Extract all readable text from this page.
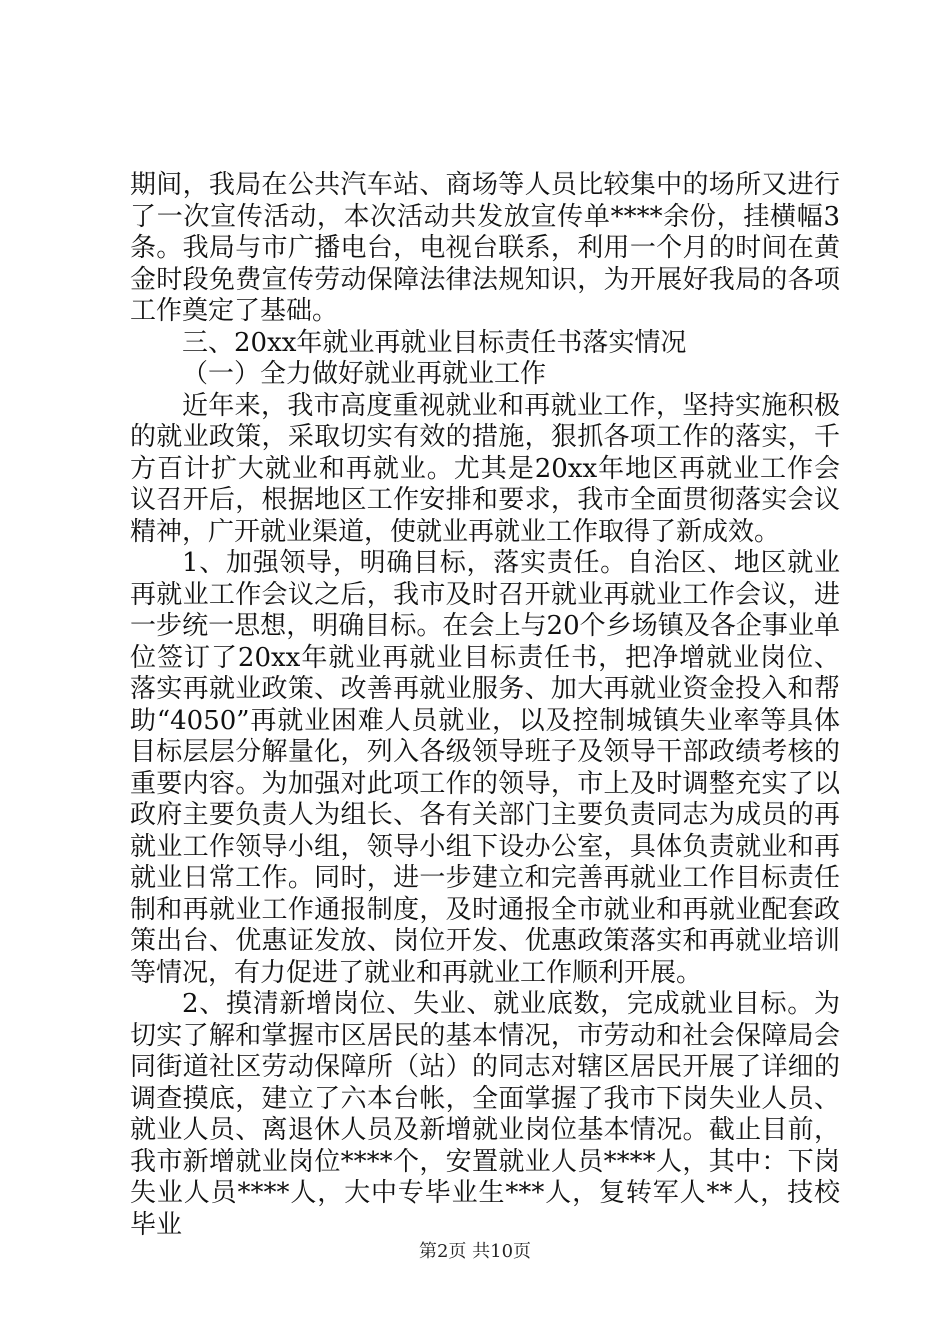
期间，我局在公共汽车站、商场等人员比较集中的场所又进行了一次宣传活动，本次活动共发放宣传单****余份，挂横幅3条。我局与市广播电台，电视台联系，利用一个月的时间在黄金时段免费宣传劳动保障法律法规知识，为开展好我局的各项工作奠定了基础。

三、20xx年就业再就业目标责任书落实情况

（一）全力做好就业再就业工作

近年来，我市高度重视就业和再就业工作，坚持实施积极的就业政策，采取切实有效的措施，狠抓各项工作的落实，千方百计扩大就业和再就业。尤其是20xx年地区再就业工作会议召开后，根据地区工作安排和要求，我市全面贯彻落实会议精神，广开就业渠道，使就业再就业工作取得了新成效。

1、加强领导，明确目标，落实责任。自治区、地区就业再就业工作会议之后，我市及时召开就业再就业工作会议，进一步统一思想，明确目标。在会上与20个乡场镇及各企事业单位签订了20xx年就业再就业目标责任书，把净增就业岗位、落实再就业政策、改善再就业服务、加大再就业资金投入和帮助“4050”再就业困难人员就业，以及控制城镇失业率等具体目标层层分解量化，列入各级领导班子及领导干部政绩考核的重要内容。为加强对此项工作的领导，市上及时调整充实了以政府主要负责人为组长、各有关部门主要负责同志为成员的再就业工作领导小组，领导小组下设办公室，具体负责就业和再就业日常工作。同时，进一步建立和完善再就业工作目标责任制和再就业工作通报制度，及时通报全市就业和再就业配套政策出台、优惠证发放、岗位开发、优惠政策落实和再就业培训等情况，有力促进了就业和再就业工作顺利开展。

2、摸清新增岗位、失业、就业底数，完成就业目标。为切实了解和掌握市区居民的基本情况，市劳动和社会保障局会同街道社区劳动保障所（站）的同志对辖区居民开展了详细的调查摸底，建立了六本台帐，全面掌握了我市下岗失业人员、就业人员、离退休人员及新增就业岗位基本情况。截止目前，我市新增就业岗位****个，安置就业人员****人，其中：下岗失业人员****人，大中专毕业生***人，复转军人**人，技校毕业

第2页 共10页
